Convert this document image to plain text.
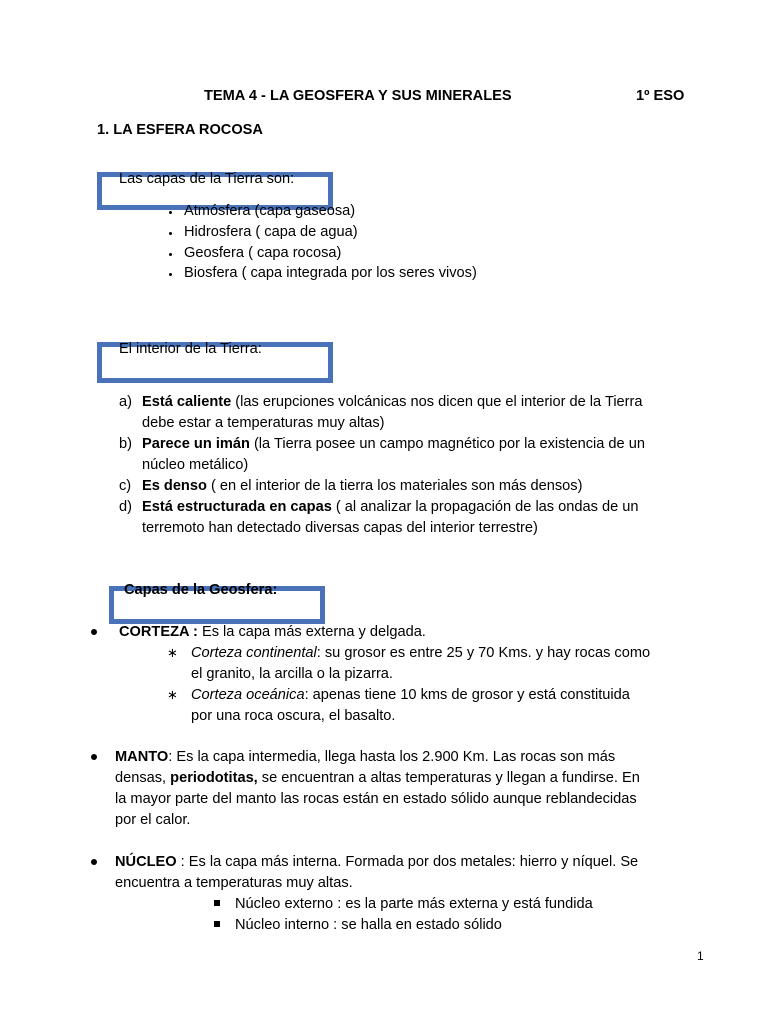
TEMA 4 - LA GEOSFERA Y SUS MINERALES	1º ESO
1. LA ESFERA ROCOSA
Las capas de la Tierra son:
Atmósfera (capa gaseosa)
Hidrosfera ( capa de agua)
Geosfera ( capa rocosa)
Biosfera ( capa integrada por los seres vivos)
El interior de la Tierra:
a) Está caliente (las erupciones volcánicas nos dicen que el interior de la Tierra
debe estar a temperaturas muy altas)
b) Parece un imán (la Tierra posee un campo magnético por la existencia de un
núcleo metálico)
c) Es denso ( en el interior de la tierra los materiales son más densos)
d) Está estructurada en capas ( al analizar la propagación de las ondas de un
terremoto han detectado diversas capas del interior terrestre)
Capas de la Geosfera:
CORTEZA : Es la capa más externa y delgada.
∗ Corteza continental: su grosor es entre 25 y 70 Kms. y hay rocas como
el granito, la arcilla o la pizarra.
∗ Corteza oceánica: apenas tiene 10 kms de grosor y está constituida
por una roca oscura, el basalto.
MANTO: Es la capa intermedia, llega hasta los 2.900 Km. Las rocas son más
densas, periodotitas, se encuentran a altas temperaturas y llegan a fundirse. En
la mayor parte del manto las rocas están en estado sólido aunque reblandecidas
por el calor.
NÚCLEO : Es la capa más interna. Formada por dos metales: hierro y níquel. Se
encuentra a temperaturas muy altas.
Núcleo externo : es la parte más externa y está fundida
Núcleo interno : se halla en estado sólido
1
